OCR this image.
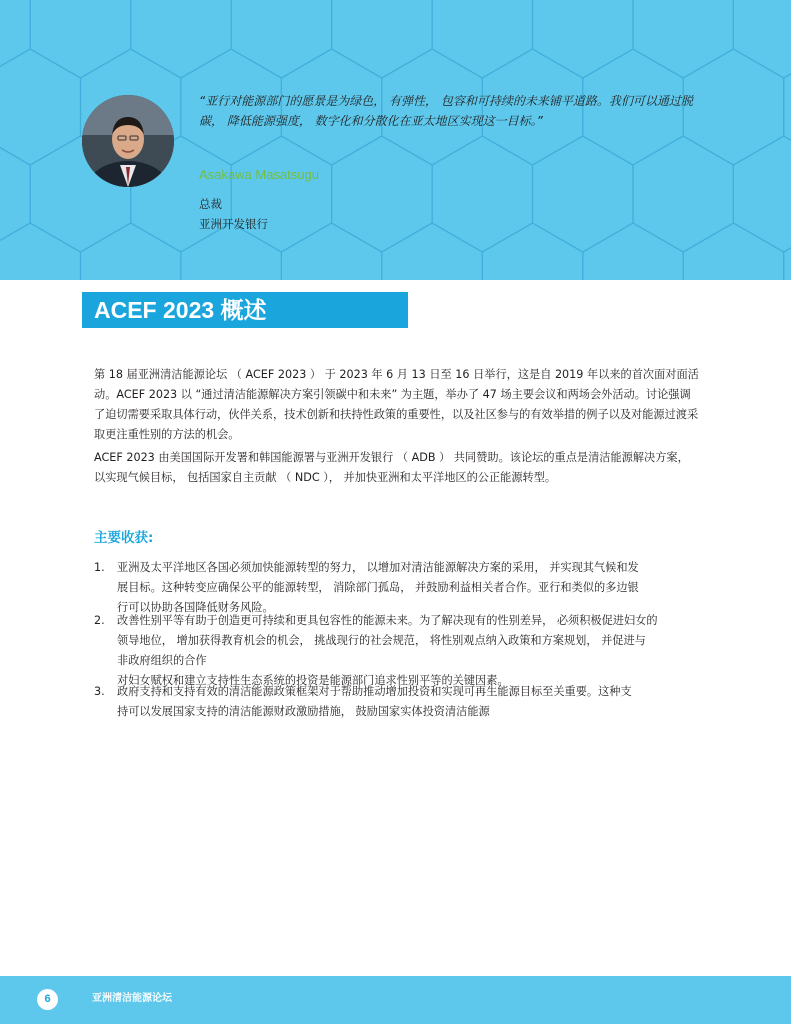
“亚行对能源部门的愿景是为绿色， 有弹性， 包容和可持续的未来铺平道路。我们可以通过脱碳， 降低能源强度， 数字化和分散化在亚太地区实现这一目标。”

Asakawa Masatsugu
总裁
亚洲开发银行
ACEF 2023 概述

第 18 届亚洲清洁能源论坛 （ ACEF 2023 ） 于 2023 年 6 月 13 日至 16 日举行，这是自 2019 年以来的首次面对面活动。ACEF 2023 以 “通过清洁能源解决方案引领碳中和未来” 为主题，举办了 47 场主要会议和两场会外活动。讨论强调了迫切需要采取具体行动，伙伴关系，技术创新和扶持性政策的重要性，以及社区参与的有效举措的例子以及对能源过渡采取更注重性别的方法的机会。

ACEF 2023 由美国国际开发署和韩国能源署与亚洲开发银行 （ ADB ） 共同赞助。该论坛的重点是清洁能源解决方案， 以实现气候目标， 包括国家自主贡献 （ NDC ）， 并加快亚洲和太平洋地区的公正能源转型。

主要收获:
1. 亚洲及太平洋地区各国必须加快能源转型的努力， 以增加对清洁能源解决方案的采用， 并实现其气候和发
展目标。这种转变应确保公平的能源转型， 消除部门孤岛， 并鼓励利益相关者合作。亚行和类似的多边银
行可以协助各国降低财务风险。
2. 改善性别平等有助于创造更可持续和更具包容性的能源未来。为了解决现有的性别差异， 必须积极促进妇女的
领导地位， 增加获得教育机会的机会， 挑战现行的社会规范， 将性别观点纳入政策和方案规划， 并促进与
非政府组织的合作
对妇女赋权和建立支持性生态系统的投资是能源部门追求性别平等的关键因素。
3. 政府支持和支持有效的清洁能源政策框架对于帮助推动增加投资和实现可再生能源目标至关重要。这种支
持可以发展国家支持的清洁能源财政激励措施， 鼓励国家实体投资清洁能源
6	亚洲清洁能源论坛
